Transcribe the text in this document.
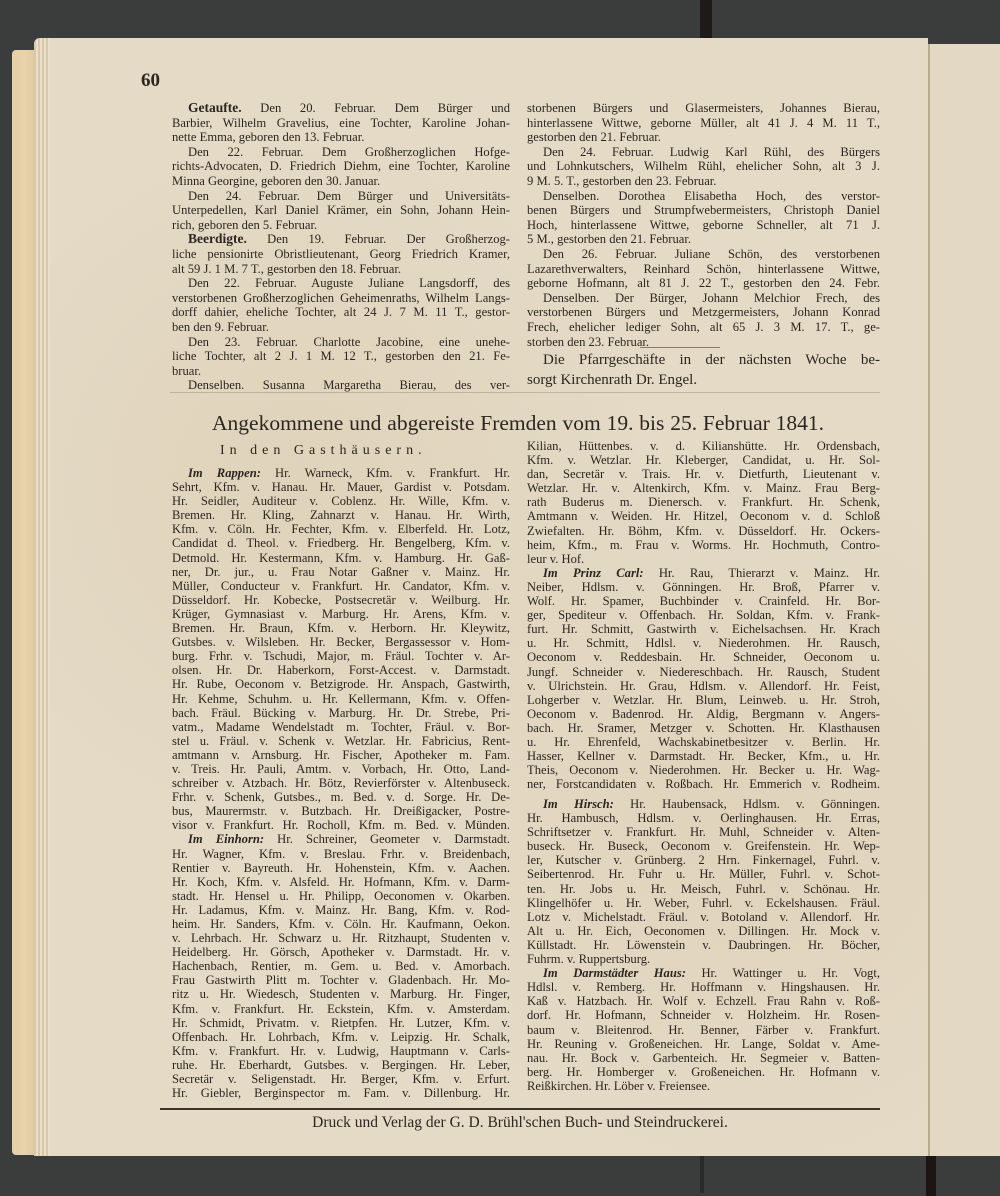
60
Getaufte. Den 20. Februar. Dem Bürger und
Barbier, Wilhelm Gravelius, eine Tochter, Karoline Johan-
nette Emma, geboren den 13. Februar.
Den 22. Februar. Dem Großherzoglichen Hofge-
richts-Advocaten, D. Friedrich Diehm, eine Tochter, Karoline
Minna Georgine, geboren den 30. Januar.
Den 24. Februar. Dem Bürger und Universitäts-
Unterpedellen, Karl Daniel Krämer, ein Sohn, Johann Hein-
rich, geboren den 5. Februar.
Beerdigte. Den 19. Februar. Der Großherzog-
liche pensionirte Obristlieutenant, Georg Friedrich Kramer,
alt 59 J. 1 M. 7 T., gestorben den 18. Februar.
Den 22. Februar. Auguste Juliane Langsdorff, des
verstorbenen Großherzoglichen Geheimenraths, Wilhelm Langs-
dorff dahier, eheliche Tochter, alt 24 J. 7 M. 11 T., gestor-
ben den 9. Februar.
Den 23. Februar. Charlotte Jacobine, eine unehe-
liche Tochter, alt 2 J. 1 M. 12 T., gestorben den 21. Fe-
bruar.
Denselben. Susanna Margaretha Bierau, des ver-
storbenen Bürgers und Glasermeisters, Johannes Bierau,
hinterlassene Wittwe, geborne Müller, alt 41 J. 4 M. 11 T.,
gestorben den 21. Februar.
Den 24. Februar. Ludwig Karl Rühl, des Bürgers
und Lohnkutschers, Wilhelm Rühl, ehelicher Sohn, alt 3 J.
9 M. 5. T., gestorben den 23. Februar.
Denselben. Dorothea Elisabetha Hoch, des verstor-
benen Bürgers und Strumpfwebermeisters, Christoph Daniel
Hoch, hinterlassene Wittwe, geborne Schneller, alt 71 J.
5 M., gestorben den 21. Februar.
Den 26. Februar. Juliane Schön, des verstorbenen
Lazarethverwalters, Reinhard Schön, hinterlassene Wittwe,
geborne Hofmann, alt 81 J. 22 T., gestorben den 24. Febr.
Denselben. Der Bürger, Johann Melchior Frech, des
verstorbenen Bürgers und Metzgermeisters, Johann Konrad
Frech, ehelicher lediger Sohn, alt 65 J. 3 M. 17. T., ge-
storben den 23. Februar.
Die Pfarrgeschäfte in der nächsten Woche be-
sorgt Kirchenrath Dr. Engel.
Angekommene und abgereiste Fremden vom 19. bis 25. Februar 1841.
In den Gasthäusern.
Im Rappen: Hr. Warneck, Kfm. v. Frankfurt. Hr.
Sehrt, Kfm. v. Hanau. Hr. Mauer, Gardist v. Potsdam.
Hr. Seidler, Auditeur v. Coblenz. Hr. Wille, Kfm. v.
Bremen. Hr. Kling, Zahnarzt v. Hanau. Hr. Wirth,
Kfm. v. Cöln. Hr. Fechter, Kfm. v. Elberfeld. Hr. Lotz,
Candidat d. Theol. v. Friedberg. Hr. Bengelberg, Kfm. v.
Detmold. Hr. Kestermann, Kfm. v. Hamburg. Hr. Gaß-
ner, Dr. jur., u. Frau Notar Gaßner v. Mainz. Hr.
Müller, Conducteur v. Frankfurt. Hr. Candator, Kfm. v.
Düsseldorf. Hr. Kobecke, Postsecretär v. Weilburg. Hr.
Krüger, Gymnasiast v. Marburg. Hr. Arens, Kfm. v.
Bremen. Hr. Braun, Kfm. v. Herborn. Hr. Kleywitz,
Gutsbes. v. Wilsleben. Hr. Becker, Bergassessor v. Hom-
burg. Frhr. v. Tschudi, Major, m. Fräul. Tochter v. Ar-
olsen. Hr. Dr. Haberkorn, Forst-Accest. v. Darmstadt.
Hr. Rube, Oeconom v. Betzigrode. Hr. Anspach, Gastwirth,
Hr. Kehme, Schuhm. u. Hr. Kellermann, Kfm. v. Offen-
bach. Fräul. Bücking v. Marburg. Hr. Dr. Strebe, Pri-
vatm., Madame Wendelstadt m. Tochter, Fräul. v. Bor-
stel u. Fräul. v. Schenk v. Wetzlar. Hr. Fabricius, Rent-
amtmann v. Arnsburg. Hr. Fischer, Apotheker m. Fam.
v. Treis. Hr. Pauli, Amtm. v. Vorbach, Hr. Otto, Land-
schreiber v. Atzbach. Hr. Bötz, Revierförster v. Altenbuseck.
Frhr. v. Schenk, Gutsbes., m. Bed. v. d. Sorge. Hr. De-
bus, Maurermstr. v. Butzbach. Hr. Dreißigacker, Postre-
visor v. Frankfurt. Hr. Rocholl, Kfm. m. Bed. v. Münden.
Im Einhorn: Hr. Schreiner, Geometer v. Darmstadt.
Hr. Wagner, Kfm. v. Breslau. Frhr. v. Breidenbach,
Rentier v. Bayreuth. Hr. Hohenstein, Kfm. v. Aachen.
Hr. Koch, Kfm. v. Alsfeld. Hr. Hofmann, Kfm. v. Darm-
stadt. Hr. Hensel u. Hr. Philipp, Oeconomen v. Okarben.
Hr. Ladamus, Kfm. v. Mainz. Hr. Bang, Kfm. v. Rod-
heim. Hr. Sanders, Kfm. v. Cöln. Hr. Kaufmann, Oekon.
v. Lehrbach. Hr. Schwarz u. Hr. Ritzhaupt, Studenten v.
Heidelberg. Hr. Görsch, Apotheker v. Darmstadt. Hr. v.
Hachenbach, Rentier, m. Gem. u. Bed. v. Amorbach.
Frau Gastwirth Plitt m. Tochter v. Gladenbach. Hr. Mo-
ritz u. Hr. Wiedesch, Studenten v. Marburg. Hr. Finger,
Kfm. v. Frankfurt. Hr. Eckstein, Kfm. v. Amsterdam.
Hr. Schmidt, Privatm. v. Rietpfen. Hr. Lutzer, Kfm. v.
Offenbach. Hr. Lohrbach, Kfm. v. Leipzig. Hr. Schalk,
Kfm. v. Frankfurt. Hr. v. Ludwig, Hauptmann v. Carls-
ruhe. Hr. Eberhardt, Gutsbes. v. Bergingen. Hr. Leber,
Secretär v. Seligenstadt. Hr. Berger, Kfm. v. Erfurt.
Hr. Giebler, Berginspector m. Fam. v. Dillenburg. Hr.
Kilian, Hüttenbes. v. d. Kilianshütte. Hr. Ordensbach,
Kfm. v. Wetzlar. Hr. Kleberger, Candidat, u. Hr. Sol-
dan, Secretär v. Trais. Hr. v. Dietfurth, Lieutenant v.
Wetzlar. Hr. v. Altenkirch, Kfm. v. Mainz. Frau Berg-
rath Buderus m. Dienersch. v. Frankfurt. Hr. Schenk,
Amtmann v. Weiden. Hr. Hitzel, Oeconom v. d. Schloß
Zwiefalten. Hr. Böhm, Kfm. v. Düsseldorf. Hr. Ockers-
heim, Kfm., m. Frau v. Worms. Hr. Hochmuth, Contro-
leur v. Hof.
Im Prinz Carl: Hr. Rau, Thierarzt v. Mainz. Hr.
Neiber, Hdlsm. v. Gönningen. Hr. Broß, Pfarrer v.
Wolf. Hr. Spamer, Buchbinder v. Crainfeld. Hr. Bor-
ger, Spediteur v. Offenbach. Hr. Soldan, Kfm. v. Frank-
furt. Hr. Schmitt, Gastwirth v. Eichelsachsen. Hr. Krach
u. Hr. Schmitt, Hdlsl. v. Niederohmen. Hr. Rausch,
Oeconom v. Reddesbain. Hr. Schneider, Oeconom u.
Jungf. Schneider v. Niedereschbach. Hr. Rausch, Student
v. Ulrichstein. Hr. Grau, Hdlsm. v. Allendorf. Hr. Feist,
Lohgerber v. Wetzlar. Hr. Blum, Leinweb. u. Hr. Stroh,
Oeconom v. Badenrod. Hr. Aldig, Bergmann v. Angers-
bach. Hr. Sramer, Metzger v. Schotten. Hr. Klasthausen
u. Hr. Ehrenfeld, Wachskabinetbesitzer v. Berlin. Hr.
Hasser, Kellner v. Darmstadt. Hr. Becker, Kfm., u. Hr.
Theis, Oeconom v. Niederohmen. Hr. Becker u. Hr. Wag-
ner, Forstcandidaten v. Roßbach. Hr. Emmerich v. Rodheim.
Im Hirsch: Hr. Haubensack, Hdlsm. v. Gönningen.
Hr. Hambusch, Hdlsm. v. Oerlinghausen. Hr. Erras,
Schriftsetzer v. Frankfurt. Hr. Muhl, Schneider v. Alten-
buseck. Hr. Buseck, Oeconom v. Greifenstein. Hr. Wep-
ler, Kutscher v. Grünberg. 2 Hrn. Finkernagel, Fuhrl. v.
Seibertenrod. Hr. Fuhr u. Hr. Müller, Fuhrl. v. Schot-
ten. Hr. Jobs u. Hr. Meisch, Fuhrl. v. Schönau. Hr.
Klingelhöfer u. Hr. Weber, Fuhrl. v. Eckelshausen. Fräul.
Lotz v. Michelstadt. Fräul. v. Botoland v. Allendorf. Hr.
Alt u. Hr. Eich, Oeconomen v. Dillingen. Hr. Mock v.
Küllstadt. Hr. Löwenstein v. Daubringen. Hr. Böcher,
Fuhrm. v. Ruppertsburg.
Im Darmstädter Haus: Hr. Wattinger u. Hr. Vogt,
Hdlsl. v. Remberg. Hr. Hoffmann v. Hingshausen. Hr.
Kaß v. Hatzbach. Hr. Wolf v. Echzell. Frau Rahn v. Roß-
dorf. Hr. Hofmann, Schneider v. Holzheim. Hr. Rosen-
baum v. Bleitenrod. Hr. Benner, Färber v. Frankfurt.
Hr. Reuning v. Großeneichen. Hr. Lange, Soldat v. Ame-
nau. Hr. Bock v. Garbenteich. Hr. Segmeier v. Batten-
berg. Hr. Homberger v. Großeneichen. Hr. Hofmann v.
Reißkirchen. Hr. Löber v. Freiensee.
Druck und Verlag der G. D. Brühl'schen Buch- und Steindruckerei.
